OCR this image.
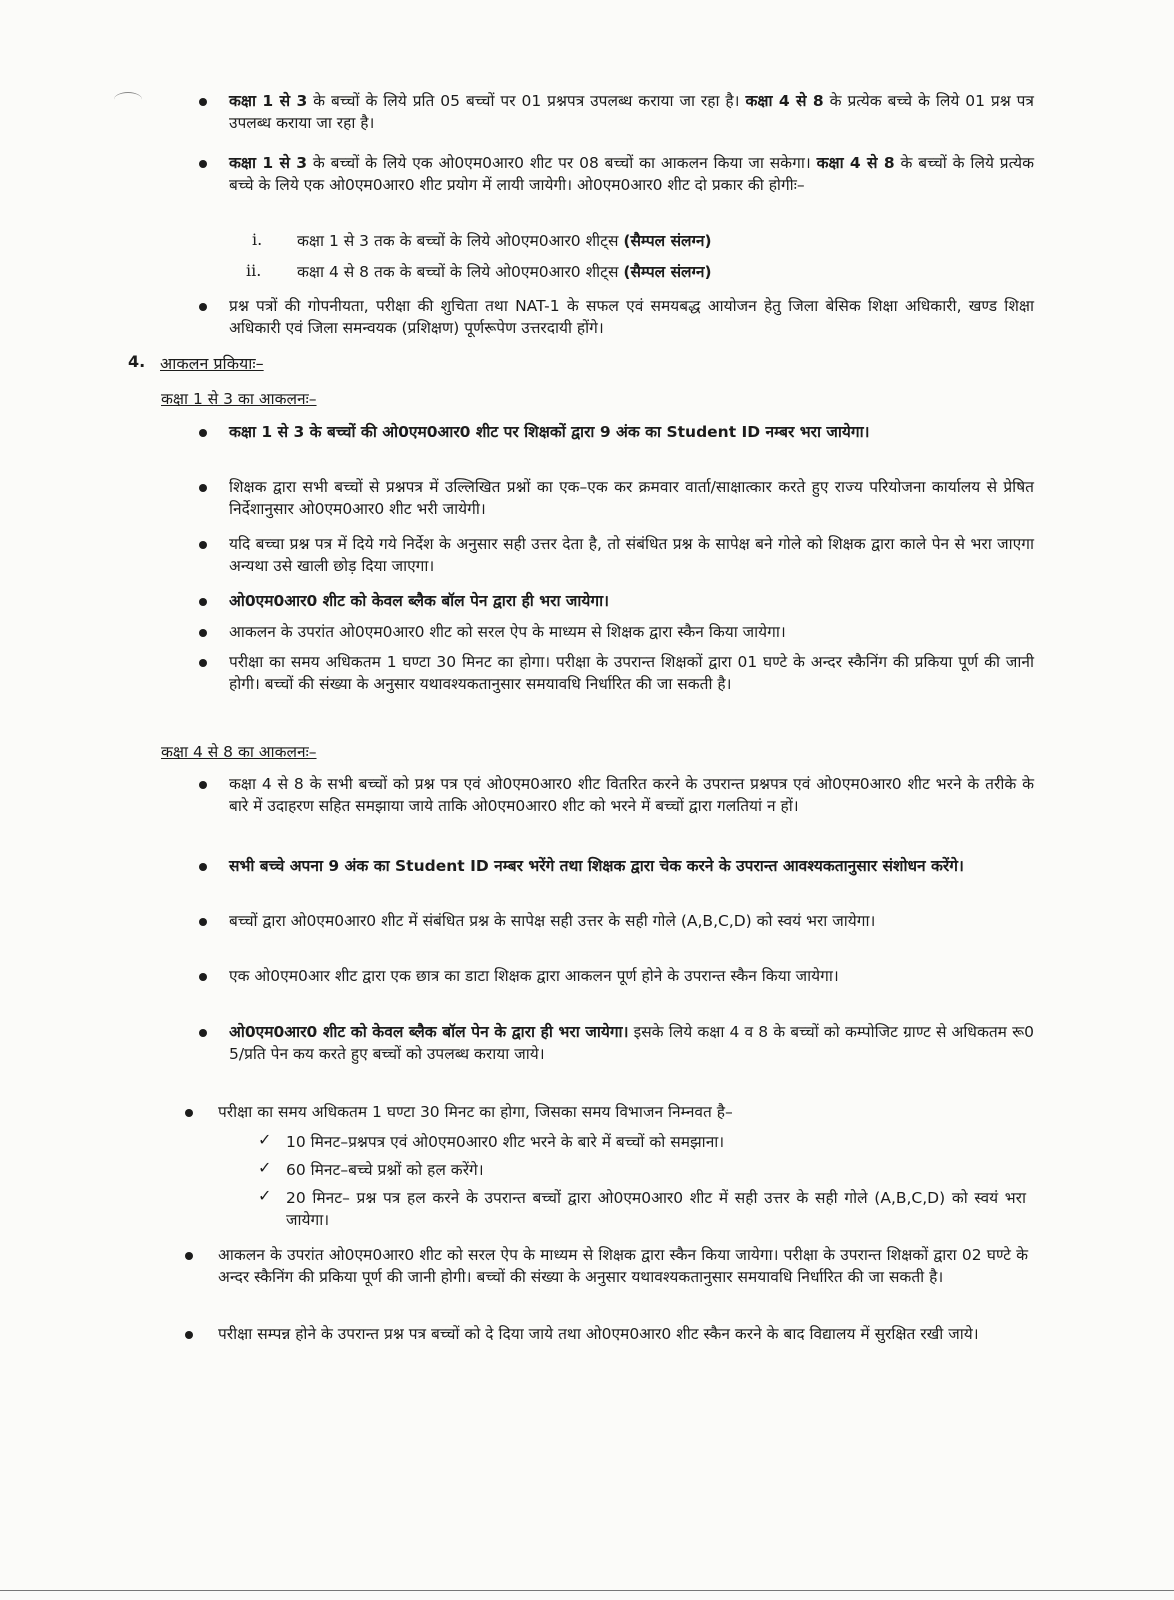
कक्षा 1 से 3 के बच्चों के लिये प्रति 05 बच्चों पर 01 प्रश्नपत्र उपलब्ध कराया जा रहा है। कक्षा 4 से 8 के प्रत्येक बच्चे के लिये 01 प्रश्न पत्र उपलब्ध कराया जा रहा है।
कक्षा 1 से 3 के बच्चों के लिये एक ओ0एम0आर0 शीट पर 08 बच्चों का आकलन किया जा सकेगा। कक्षा 4 से 8 के बच्चों के लिये प्रत्येक बच्चे के लिये एक ओ0एम0आर0 शीट प्रयोग में लायी जायेगी। ओ0एम0आर0 शीट दो प्रकार की होगीः–
i. कक्षा 1 से 3 तक के बच्चों के लिये ओ0एम0आर0 शीट्स (सैम्पल संलग्न)
ii. कक्षा 4 से 8 तक के बच्चों के लिये ओ0एम0आर0 शीट्स (सैम्पल संलग्न)
प्रश्न पत्रों की गोपनीयता, परीक्षा की शुचिता तथा NAT-1 के सफल एवं समयबद्ध आयोजन हेतु जिला बेसिक शिक्षा अधिकारी, खण्ड शिक्षा अधिकारी एवं जिला समन्वयक (प्रशिक्षण) पूर्णरूपेण उत्तरदायी होंगे।
4. आकलन प्रकियाः–
कक्षा 1 से 3 का आकलनः–
कक्षा 1 से 3 के बच्चों की ओ0एम0आर0 शीट पर शिक्षकों द्वारा 9 अंक का Student ID नम्बर भरा जायेगा।
शिक्षक द्वारा सभी बच्चों से प्रश्नपत्र में उल्लिखित प्रश्नों का एक–एक कर क्रमवार वार्ता/साक्षात्कार करते हुए राज्य परियोजना कार्यालय से प्रेषित निर्देशानुसार ओ0एम0आर0 शीट भरी जायेगी।
यदि बच्चा प्रश्न पत्र में दिये गये निर्देश के अनुसार सही उत्तर देता है, तो संबंधित प्रश्न के सापेक्ष बने गोले को शिक्षक द्वारा काले पेन से भरा जाएगा अन्यथा उसे खाली छोड़ दिया जाएगा।
ओ0एम0आर0 शीट को केवल ब्लैक बॉल पेन द्वारा ही भरा जायेगा।
आकलन के उपरांत ओ0एम0आर0 शीट को सरल ऐप के माध्यम से शिक्षक द्वारा स्कैन किया जायेगा।
परीक्षा का समय अधिकतम 1 घण्टा 30 मिनट का होगा। परीक्षा के उपरान्त शिक्षकों द्वारा 01 घण्टे के अन्दर स्कैनिंग की प्रकिया पूर्ण की जानी होगी। बच्चों की संख्या के अनुसार यथावश्यकतानुसार समयावधि निर्धारित की जा सकती है।
कक्षा 4 से 8 का आकलनः–
कक्षा 4 से 8 के सभी बच्चों को प्रश्न पत्र एवं ओ0एम0आर0 शीट वितरित करने के उपरान्त प्रश्नपत्र एवं ओ0एम0आर0 शीट भरने के तरीके के बारे में उदाहरण सहित समझाया जाये ताकि ओ0एम0आर0 शीट को भरने में बच्चों द्वारा गलतियां न हों।
सभी बच्चे अपना 9 अंक का Student ID नम्बर भरेंगे तथा शिक्षक द्वारा चेक करने के उपरान्त आवश्यकतानुसार संशोधन करेंगे।
बच्चों द्वारा ओ0एम0आर0 शीट में संबंधित प्रश्न के सापेक्ष सही उत्तर के सही गोले (A,B,C,D) को स्वयं भरा जायेगा।
एक ओ0एम0आर शीट द्वारा एक छात्र का डाटा शिक्षक द्वारा आकलन पूर्ण होने के उपरान्त स्कैन किया जायेगा।
ओ0एम0आर0 शीट को केवल ब्लैक बॉल पेन के द्वारा ही भरा जायेगा। इसके लिये कक्षा 4 व 8 के बच्चों को कम्पोजिट ग्राण्ट से अधिकतम रू0 5/प्रति पेन कय करते हुए बच्चों को उपलब्ध कराया जाये।
परीक्षा का समय अधिकतम 1 घण्टा 30 मिनट का होगा, जिसका समय विभाजन निम्नवत है–
✓ 10 मिनट–प्रश्नपत्र एवं ओ0एम0आर0 शीट भरने के बारे में बच्चों को समझाना।
✓ 60 मिनट–बच्चे प्रश्नों को हल करेंगे।
✓ 20 मिनट– प्रश्न पत्र हल करने के उपरान्त बच्चों द्वारा ओ0एम0आर0 शीट में सही उत्तर के सही गोले (A,B,C,D) को स्वयं भरा जायेगा।
आकलन के उपरांत ओ0एम0आर0 शीट को सरल ऐप के माध्यम से शिक्षक द्वारा स्कैन किया जायेगा। परीक्षा के उपरान्त शिक्षकों द्वारा 02 घण्टे के अन्दर स्कैनिंग की प्रकिया पूर्ण की जानी होगी। बच्चों की संख्या के अनुसार यथावश्यकतानुसार समयावधि निर्धारित की जा सकती है।
परीक्षा सम्पन्न होने के उपरान्त प्रश्न पत्र बच्चों को दे दिया जाये तथा ओ0एम0आर0 शीट स्कैन करने के बाद विद्यालय में सुरक्षित रखी जाये।
